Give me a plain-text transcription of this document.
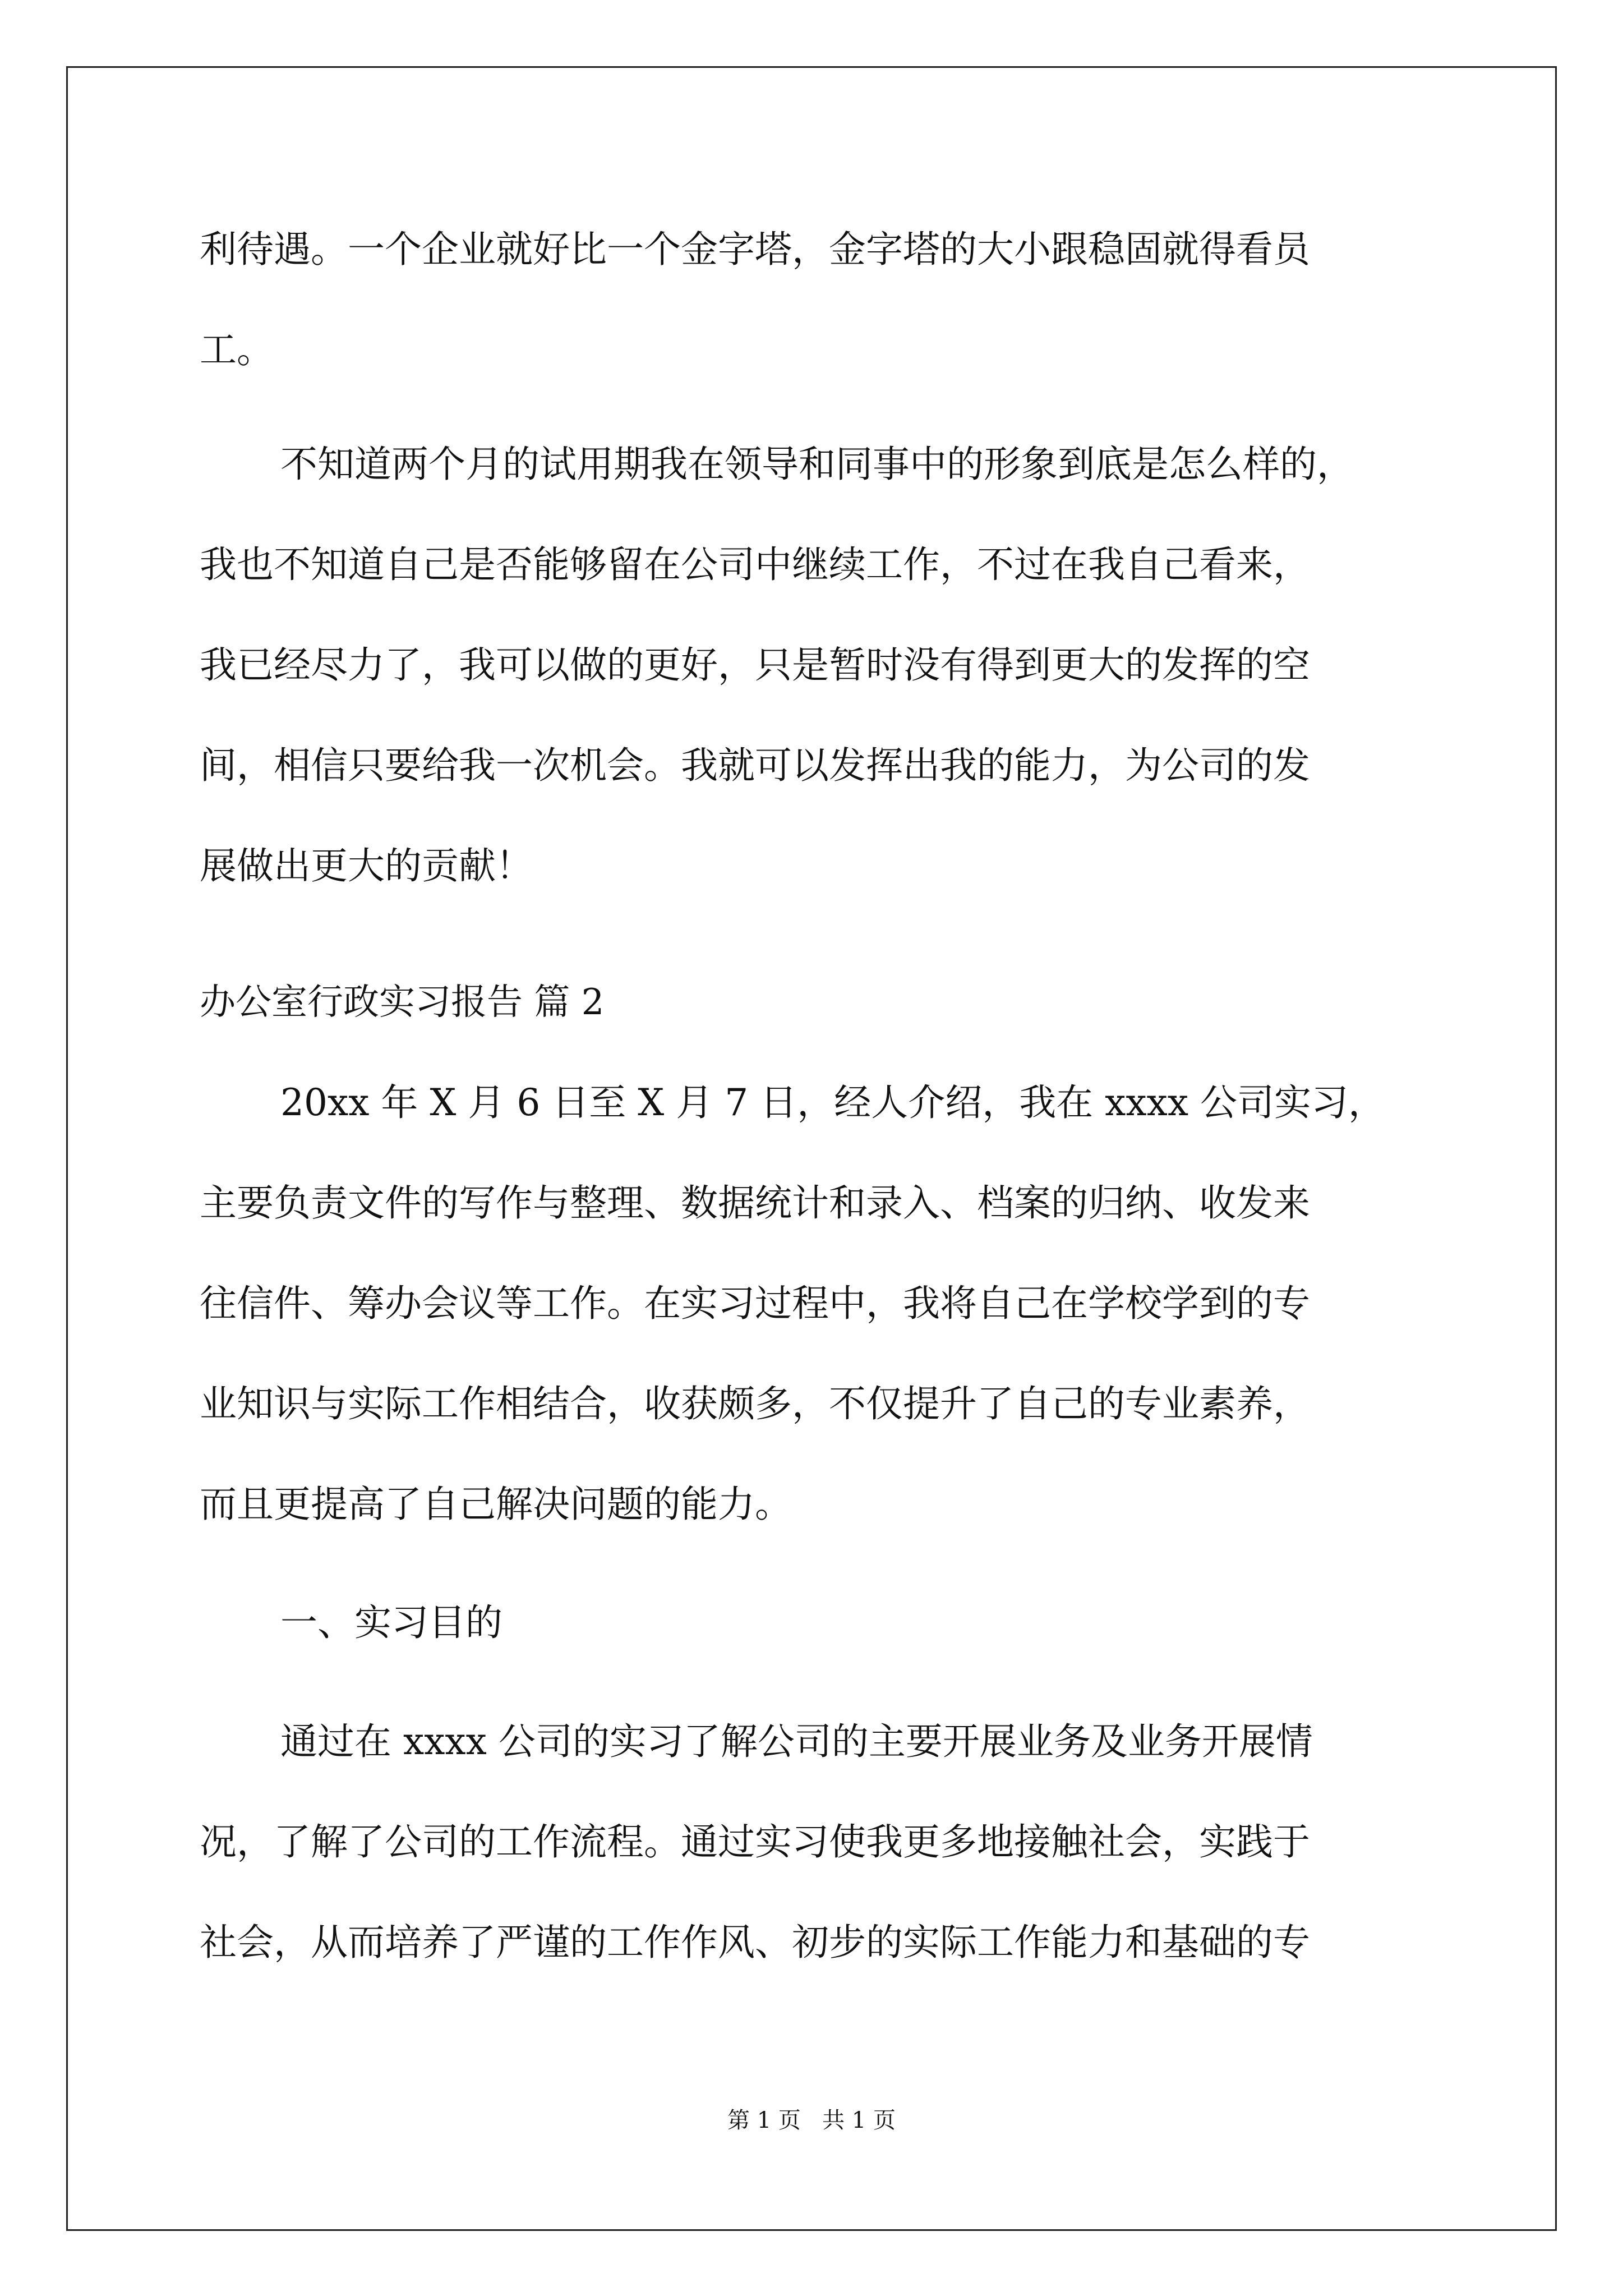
利待遇。一个企业就好比一个金字塔，金字塔的大小跟稳固就得看员
工。
不知道两个月的试用期我在领导和同事中的形象到底是怎么样的，
我也不知道自己是否能够留在公司中继续工作，不过在我自己看来，
我已经尽力了，我可以做的更好，只是暂时没有得到更大的发挥的空
间，相信只要给我一次机会。我就可以发挥出我的能力，为公司的发
展做出更大的贡献！
办公室行政实习报告 篇 2
20xx 年 X 月 6 日至 X 月 7 日，经人介绍，我在 xxxx 公司实习，
主要负责文件的写作与整理、数据统计和录入、档案的归纳、收发来
往信件、筹办会议等工作。在实习过程中，我将自己在学校学到的专
业知识与实际工作相结合，收获颇多，不仅提升了自己的专业素养，
而且更提高了自己解决问题的能力。
一、实习目的
通过在 xxxx 公司的实习了解公司的主要开展业务及业务开展情
况，了解了公司的工作流程。通过实习使我更多地接触社会，实践于
社会，从而培养了严谨的工作作风、初步的实际工作能力和基础的专
第 1 页   共 1 页
